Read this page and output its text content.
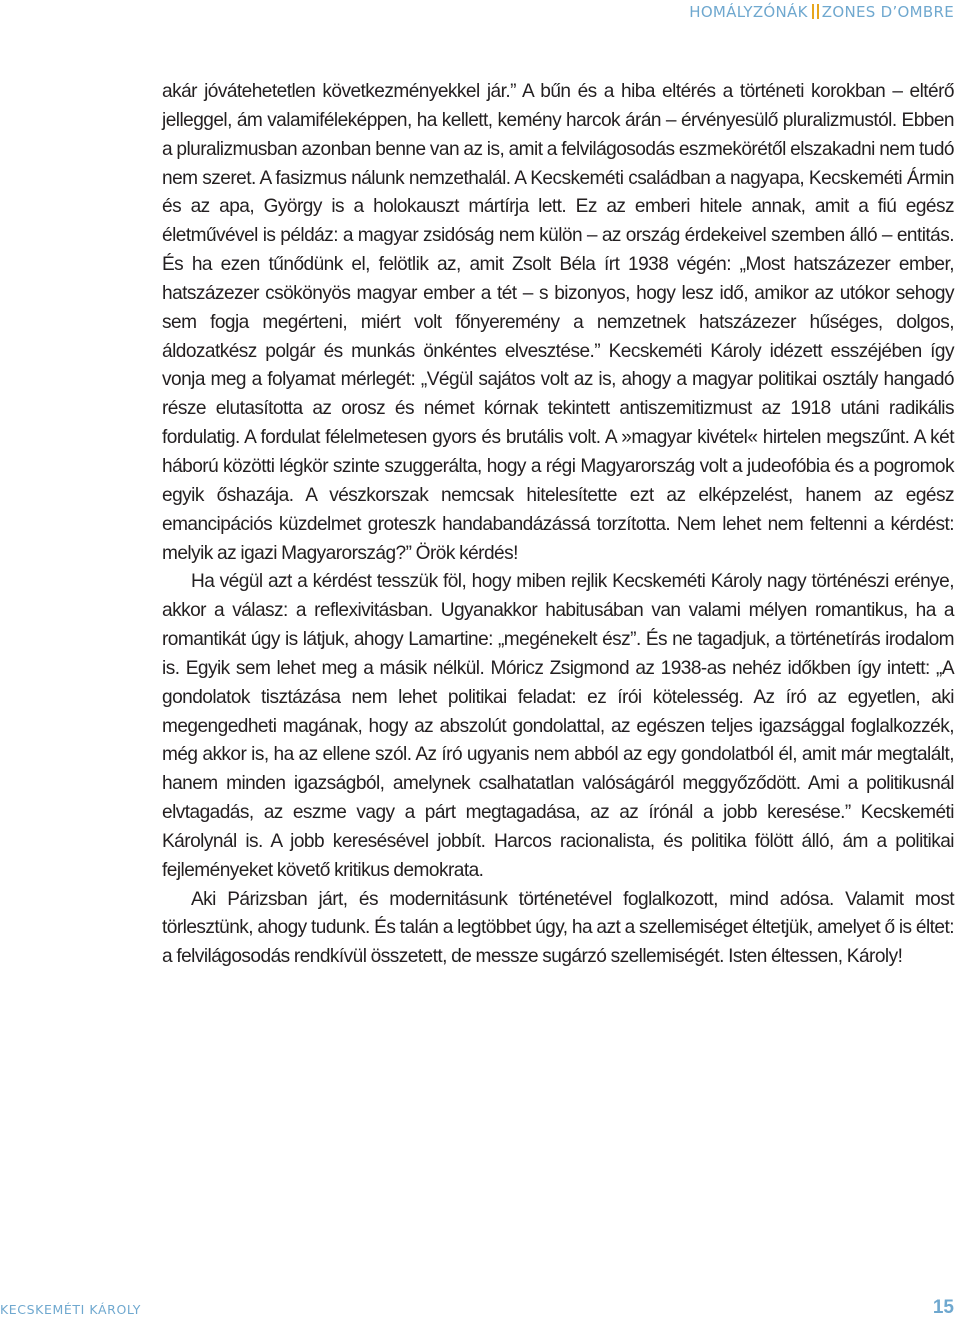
HOMÁLYZÓNÁK ZONES D’OMBRE

akár jóvátehetetlen következményekkel jár.” A bűn és a hiba eltérés a történeti korokban – eltérő jelleggel, ám valamiféleképpen, ha kellett, kemény harcok árán – érvényesülő pluralizmustól. Ebben a pluralizmusban azonban benne van az is, amit a felvilágosodás eszmekörétől elszakadni nem tudó nem szeret. A fasizmus nálunk nemzethalál. A Kecskeméti családban a nagyapa, Kecskeméti Ármin és az apa, György is a holokauszt mártírja lett. Ez az emberi hitele annak, amit a fiú egész életművével is példáz: a magyar zsidóság nem külön – az ország érdekeivel szemben álló – entitás. És ha ezen tűnődünk el, felötlik az, amit Zsolt Béla írt 1938 végén: „Most hatszázezer ember, hatszázezer csökönyös magyar ember a tét – s bizonyos, hogy lesz idő, amikor az utókor sehogy sem fogja megérteni, miért volt főnyeremény a nemzetnek hatszázezer hűséges, dolgos, áldozatkész polgár és munkás önkéntes elvesztése.” Kecskeméti Károly idézett esszéjében így vonja meg a folyamat mérlegét: „Végül sajátos volt az is, ahogy a magyar politikai osztály hangadó része elutasította az orosz és német kórnak tekintett antiszemitizmust az 1918 utáni radikális fordulatig. A fordulat félelmetesen gyors és brutális volt. A »magyar kivétel« hirtelen megszűnt. A két háború közötti légkör szinte szuggerálta, hogy a régi Magyarország volt a judeofóbia és a pogromok egyik őshazája. A vészkorszak nemcsak hitelesítette ezt az elképzelést, hanem az egész emancipációs küzdelmet groteszk handabandázássá torzította. Nem lehet nem feltenni a kérdést: melyik az igazi Magyarország?” Örök kérdés!

Ha végül azt a kérdést tesszük föl, hogy miben rejlik Kecskeméti Károly nagy történészi erénye, akkor a válasz: a reflexivitásban. Ugyanakkor habitusában van valami mélyen romantikus, ha a romantikát úgy is látjuk, ahogy Lamartine: „megénekelt ész”. És ne tagadjuk, a történetírás irodalom is. Egyik sem lehet meg a másik nélkül. Móricz Zsigmond az 1938-as nehéz időkben így intett: „A gondolatok tisztázása nem lehet politikai feladat: ez írói kötelesség. Az író az egyetlen, aki megengedheti magának, hogy az abszolút gondolattal, az egészen teljes igazsággal foglalkozzék, még akkor is, ha az ellene szól. Az író ugyanis nem abból az egy gondolatból él, amit már megtalált, hanem minden igazságból, amelynek csalhatatlan valóságáról meggyőződött. Ami a politikusnál elvtagadás, az eszme vagy a párt megtagadása, az az írónál a jobb keresése.” Kecskeméti Károlynál is. A jobb keresésével jobbít. Harcos racionalista, és politika fölött álló, ám a politikai fejleményeket követő kritikus demokrata.

Aki Párizsban járt, és modernitásunk történetével foglalkozott, mind adósa. Valamit most törlesztünk, ahogy tudunk. És talán a legtöbbet úgy, ha azt a szellemiséget éltetjük, amelyet ő is éltet: a felvilágosodás rendkívül összetett, de messze sugárzó szellemiségét. Isten éltessen, Károly!

KECSKEMÉTI KÁROLY	15
